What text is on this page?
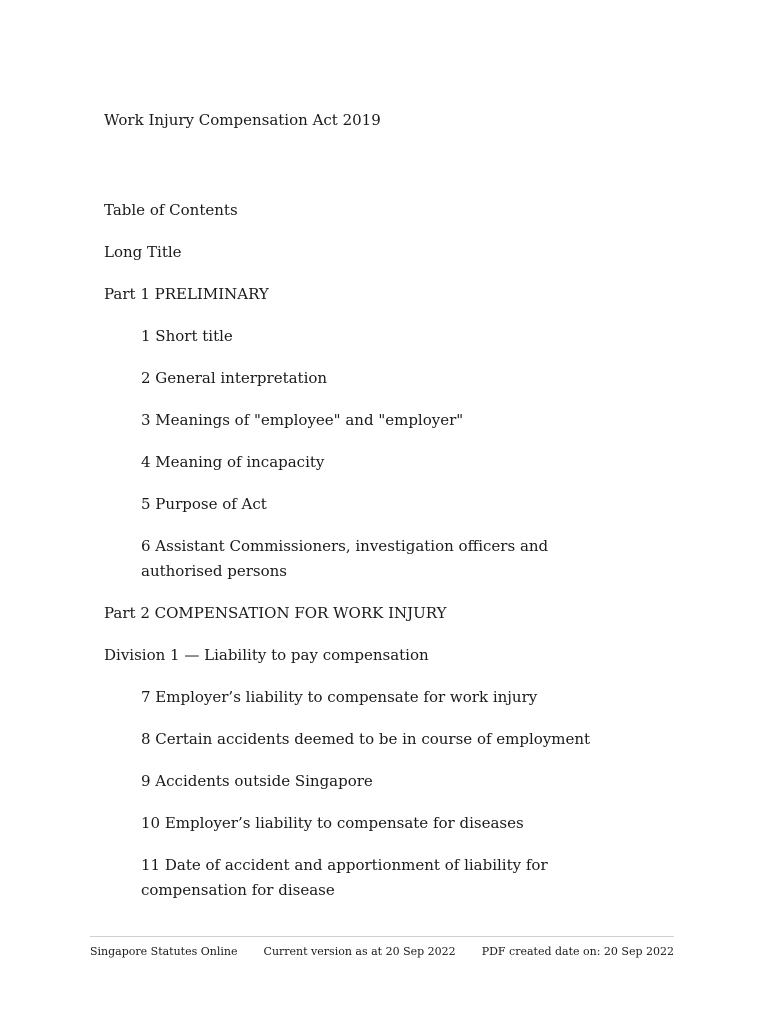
Work Injury Compensation Act 2019
Table of Contents
Long Title
Part 1 PRELIMINARY
1 Short title
2 General interpretation
3 Meanings of "employee" and "employer"
4 Meaning of incapacity
5 Purpose of Act
6 Assistant Commissioners, investigation officers and authorised persons
Part 2 COMPENSATION FOR WORK INJURY
Division 1 — Liability to pay compensation
7 Employer’s liability to compensate for work injury
8 Certain accidents deemed to be in course of employment
9 Accidents outside Singapore
10 Employer’s liability to compensate for diseases
11 Date of accident and apportionment of liability for compensation for disease
Singapore Statutes Online Current version as at 20 Sep 2022 PDF created date on: 20 Sep 2022
